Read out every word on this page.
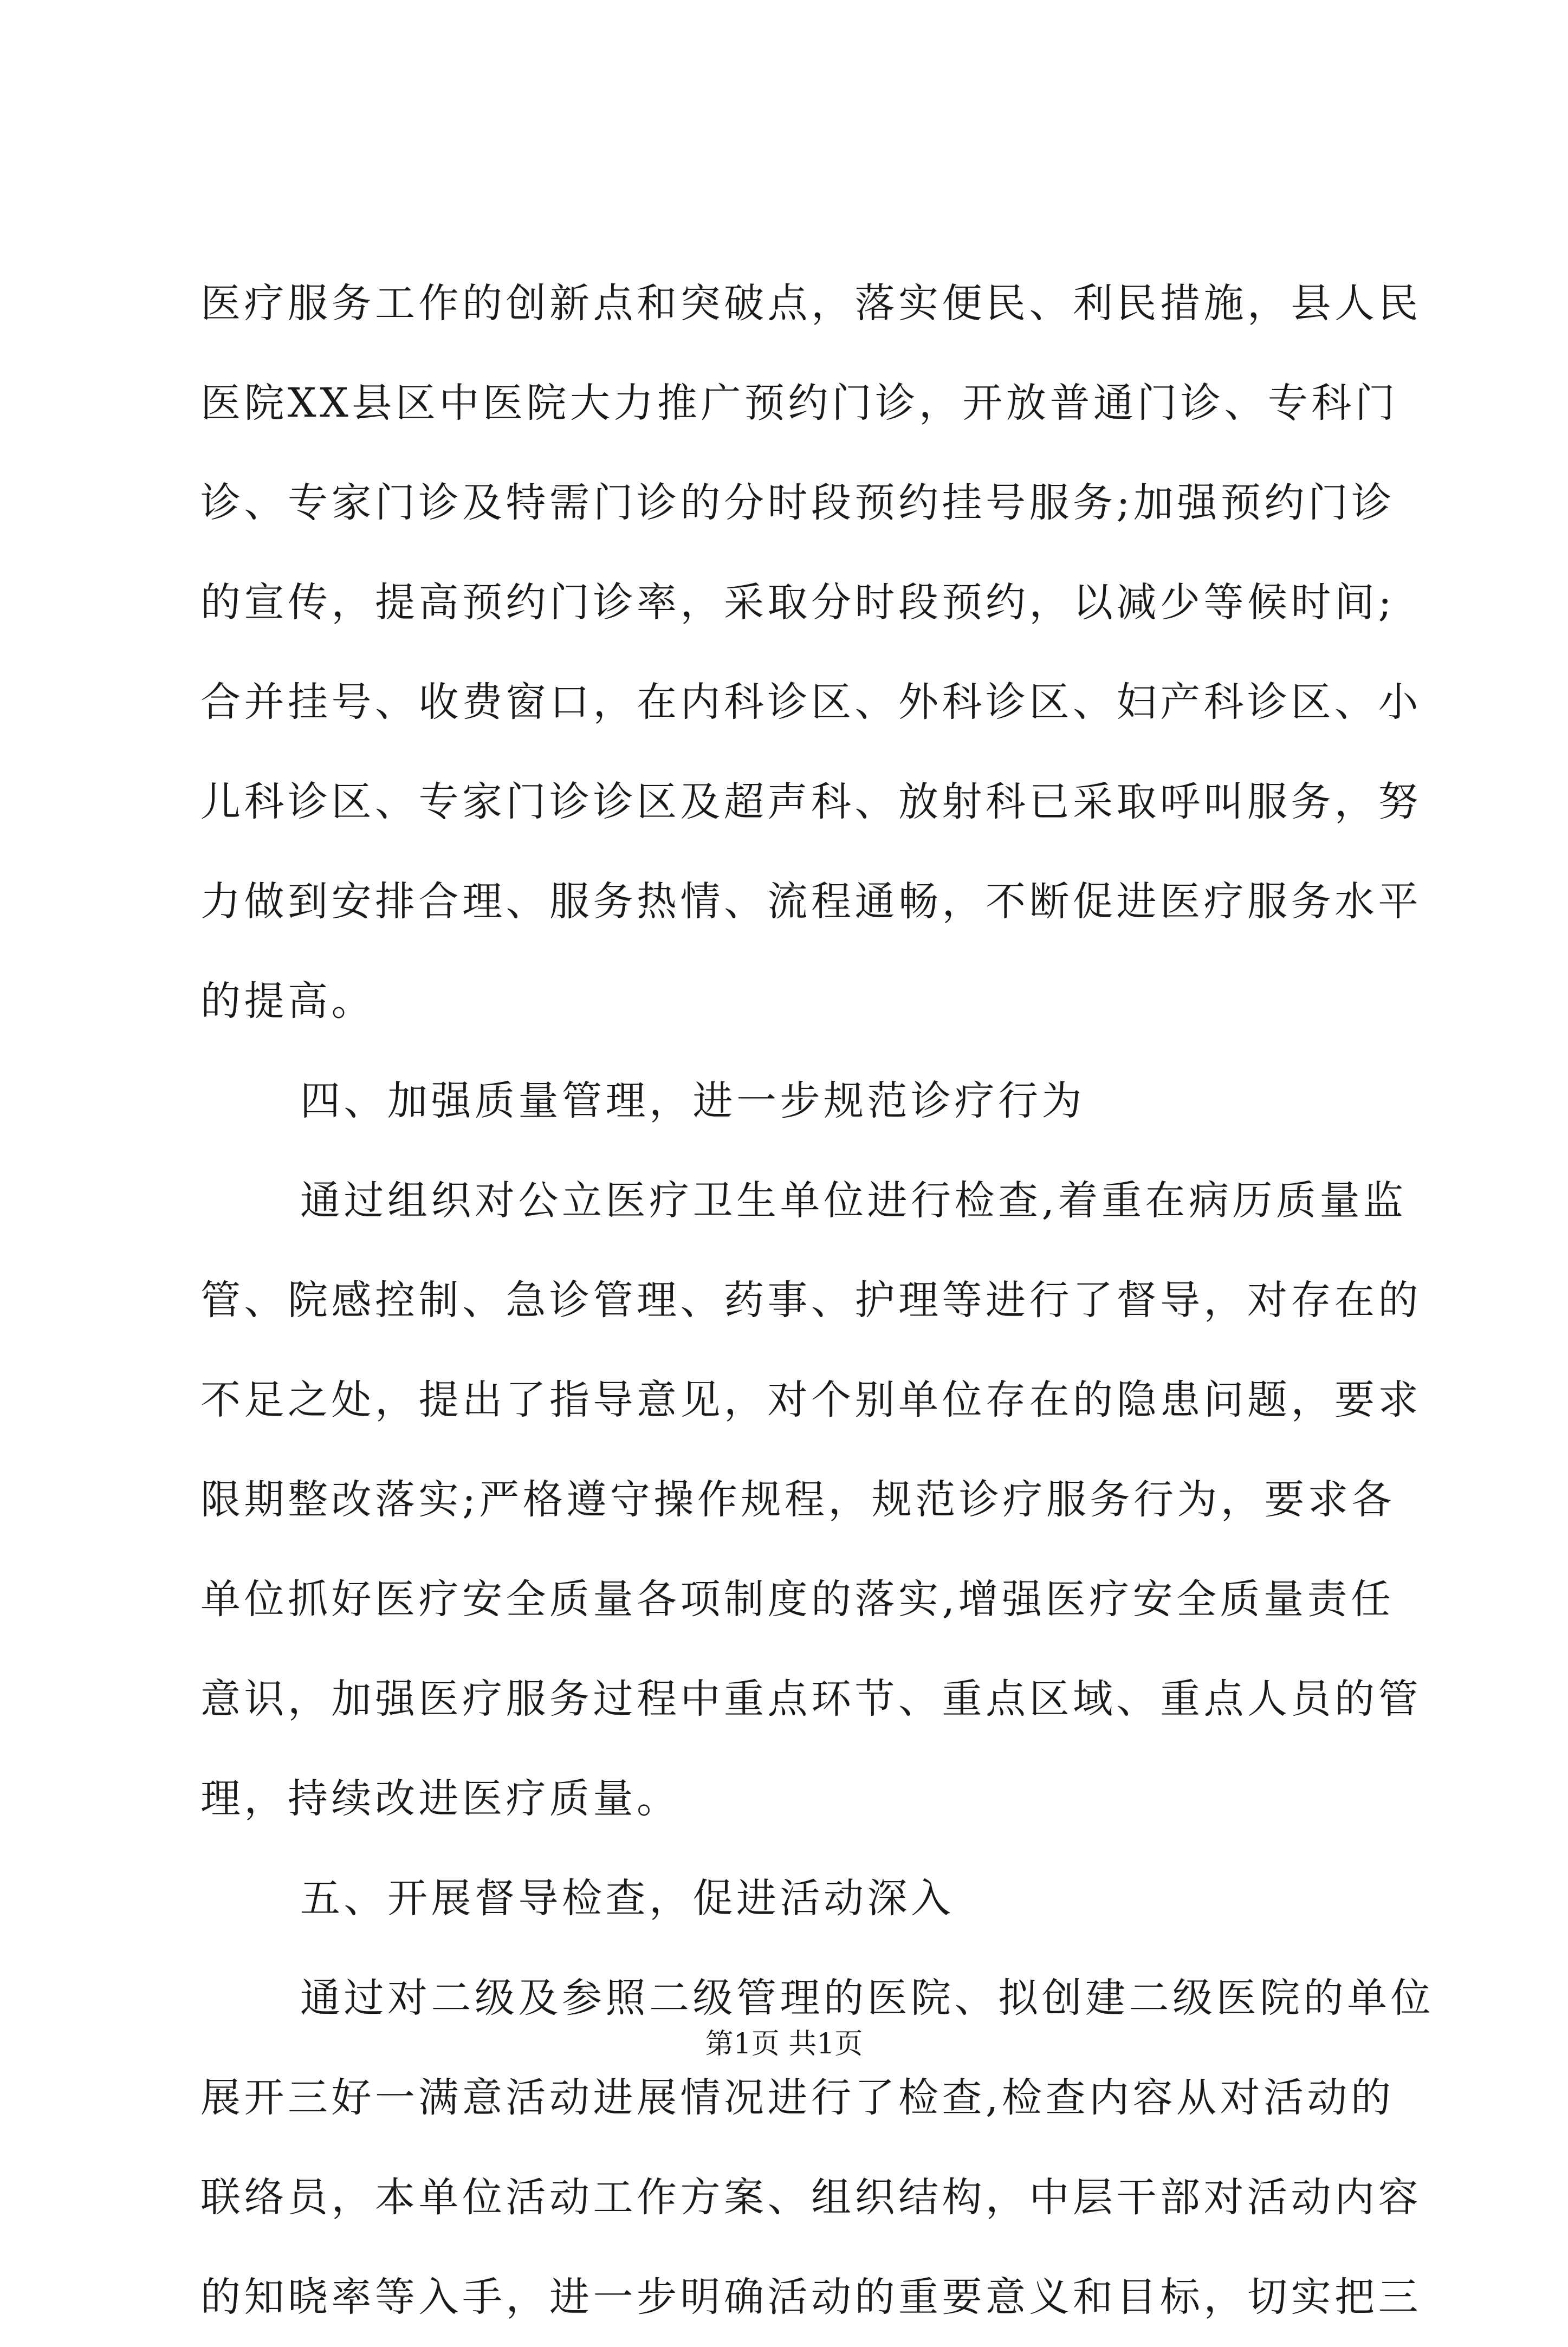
医疗服务工作的创新点和突破点，落实便民、利民措施，县人民
医院XX县区中医院大力推广预约门诊，开放普通门诊、专科门
诊、专家门诊及特需门诊的分时段预约挂号服务;加强预约门诊
的宣传，提高预约门诊率，采取分时段预约，以减少等候时间;
合并挂号、收费窗口，在内科诊区、外科诊区、妇产科诊区、小
儿科诊区、专家门诊诊区及超声科、放射科已采取呼叫服务，努
力做到安排合理、服务热情、流程通畅，不断促进医疗服务水平
的提高。
四、加强质量管理，进一步规范诊疗行为
通过组织对公立医疗卫生单位进行检查,着重在病历质量监
管、院感控制、急诊管理、药事、护理等进行了督导，对存在的
不足之处，提出了指导意见，对个别单位存在的隐患问题，要求
限期整改落实;严格遵守操作规程，规范诊疗服务行为，要求各
单位抓好医疗安全质量各项制度的落实,增强医疗安全质量责任
意识，加强医疗服务过程中重点环节、重点区域、重点人员的管
理，持续改进医疗质量。
五、开展督导检查，促进活动深入
通过对二级及参照二级管理的医院、拟创建二级医院的单位
展开三好一满意活动进展情况进行了检查,检查内容从对活动的
联络员，本单位活动工作方案、组织结构，中层干部对活动内容
的知晓率等入手，进一步明确活动的重要意义和目标，切实把三
第1页 共1页
